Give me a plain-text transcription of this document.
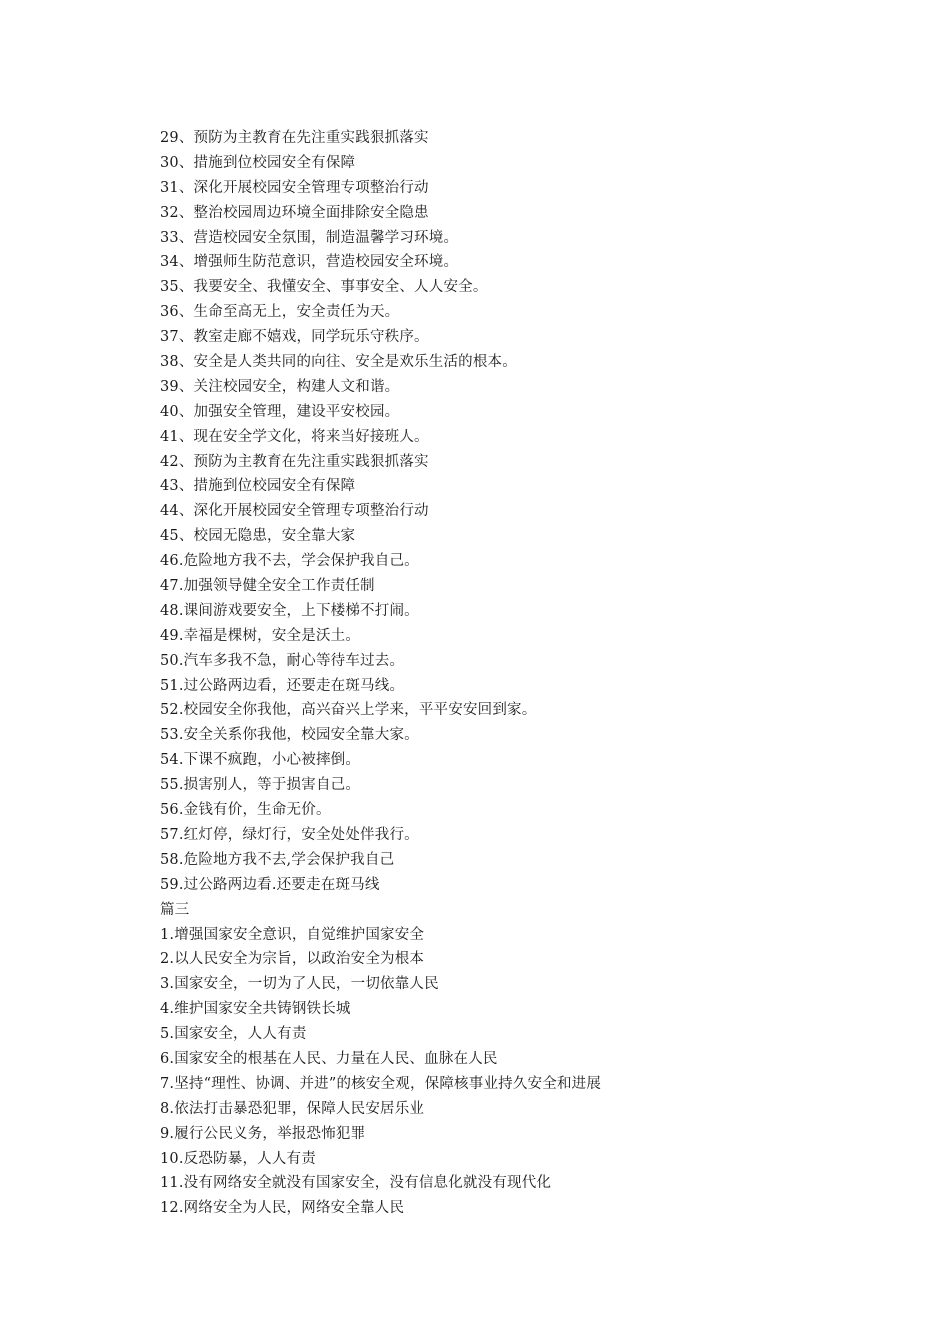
29、预防为主教育在先注重实践狠抓落实
30、措施到位校园安全有保障
31、深化开展校园安全管理专项整治行动
32、整治校园周边环境全面排除安全隐患
33、营造校园安全氛围，制造温馨学习环境。
34、增强师生防范意识，营造校园安全环境。
35、我要安全、我懂安全、事事安全、人人安全。
36、生命至高无上，安全责任为天。
37、教室走廊不嬉戏，同学玩乐守秩序。
38、安全是人类共同的向往、安全是欢乐生活的根本。
39、关注校园安全，构建人文和谐。
40、加强安全管理，建设平安校园。
41、现在安全学文化，将来当好接班人。
42、预防为主教育在先注重实践狠抓落实
43、措施到位校园安全有保障
44、深化开展校园安全管理专项整治行动
45、校园无隐患，安全靠大家
46.危险地方我不去，学会保护我自己。
47.加强领导健全安全工作责任制
48.课间游戏要安全，上下楼梯不打闹。
49.幸福是棵树，安全是沃土。
50.汽车多我不急，耐心等待车过去。
51.过公路两边看，还要走在斑马线。
52.校园安全你我他，高兴奋兴上学来，平平安安回到家。
53.安全关系你我他，校园安全靠大家。
54.下课不疯跑，小心被摔倒。
55.损害别人，等于损害自己。
56.金钱有价，生命无价。
57.红灯停，绿灯行，安全处处伴我行。
58.危险地方我不去,学会保护我自己
59.过公路两边看.还要走在斑马线
篇三
1.增强国家安全意识，自觉维护国家安全
2.以人民安全为宗旨，以政治安全为根本
3.国家安全，一切为了人民，一切依靠人民
4.维护国家安全共铸钢铁长城
5.国家安全，人人有责
6.国家安全的根基在人民、力量在人民、血脉在人民
7.坚持“理性、协调、并进”的核安全观，保障核事业持久安全和进展
8.依法打击暴恐犯罪，保障人民安居乐业
9.履行公民义务，举报恐怖犯罪
10.反恐防暴，人人有责
11.没有网络安全就没有国家安全，没有信息化就没有现代化
12.网络安全为人民，网络安全靠人民
